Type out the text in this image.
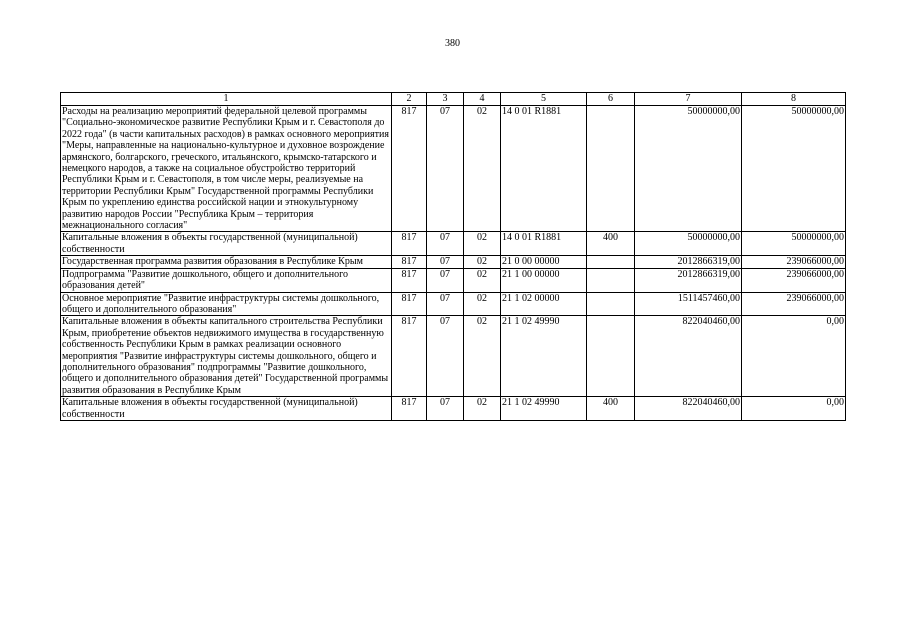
380
1	2	3	4	5	6	7	8
Расходы на реализацию мероприятий федеральной целевой программы "Социально-экономическое развитие Республики Крым и г. Севастополя до 2022 года" (в части капитальных расходов) в рамках основного мероприятия "Меры, направленные на национально-культурное и духовное возрождение армянского, болгарского, греческого, итальянского, крымско-татарского и немецкого народов, а также на социальное обустройство территорий Республики Крым и г. Севастополя, в том числе меры, реализуемые на территории Республики Крым" Государственной программы Республики Крым по укреплению единства российской нации и этнокультурному развитию народов России "Республика Крым – территория межнационального согласия"	817	07	02	14 0 01 R1881		50000000,00	50000000,00
Капитальные вложения в объекты государственной (муниципальной) собственности	817	07	02	14 0 01 R1881	400	50000000,00	50000000,00
Государственная программа развития образования в Республике Крым	817	07	02	21 0 00 00000		2012866319,00	239066000,00
Подпрограмма "Развитие дошкольного, общего и дополнительного образования детей"	817	07	02	21 1 00 00000		2012866319,00	239066000,00
Основное мероприятие "Развитие инфраструктуры системы дошкольного, общего и дополнительного образования"	817	07	02	21 1 02 00000		1511457460,00	239066000,00
Капитальные вложения в объекты капитального строительства Республики Крым, приобретение объектов недвижимого имущества в государственную собственность Республики Крым в рамках реализации основного мероприятия "Развитие инфраструктуры системы дошкольного, общего и дополнительного образования" подпрограммы "Развитие дошкольного, общего и дополнительного образования детей" Государственной программы развития образования в Республике Крым	817	07	02	21 1 02 49990		822040460,00	0,00
Капитальные вложения в объекты государственной (муниципальной) собственности	817	07	02	21 1 02 49990	400	822040460,00	0,00
